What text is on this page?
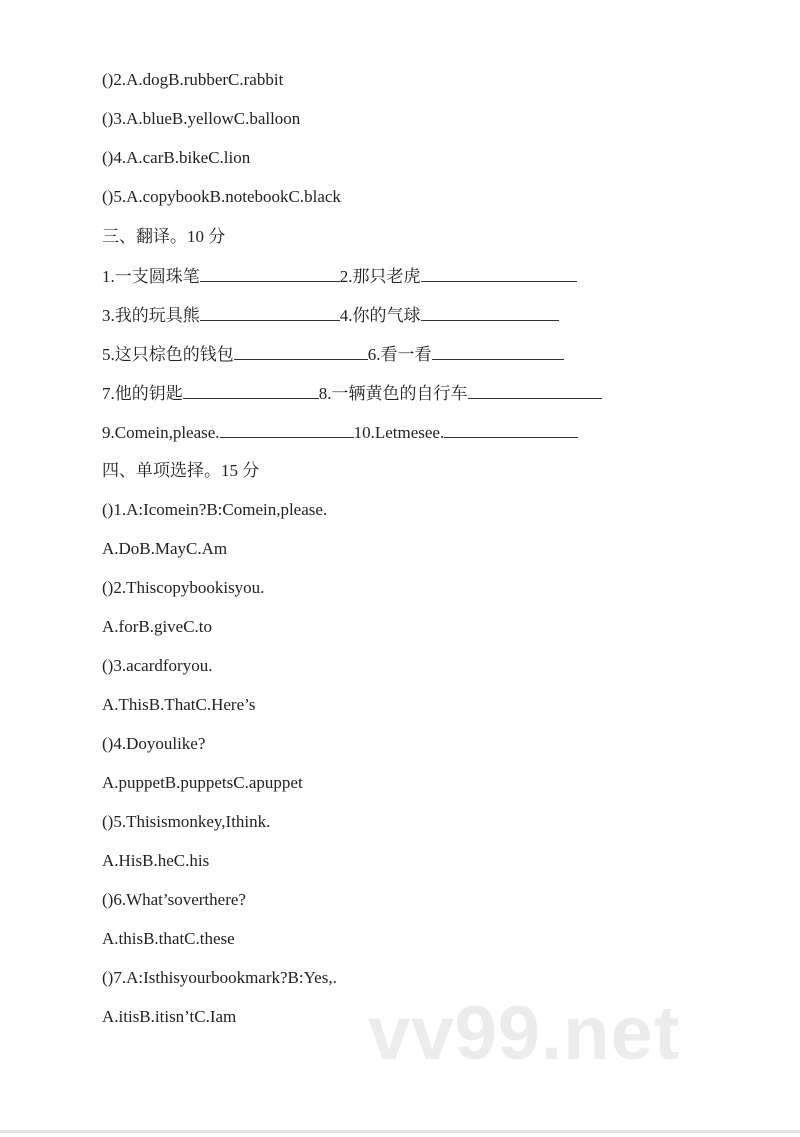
()2.A.dogB.rubberC.rabbit
()3.A.blueB.yellowC.balloon
()4.A.carB.bikeC.lion
()5.A.copybookB.notebookC.black
三、翻译。10 分
1.一支圆珠笔	2.那只老虎
3.我的玩具熊	4.你的气球
5.这只棕色的钱包	6.看一看
7.他的钥匙	8.一辆黄色的自行车
9.Comein,please.	10.Letmesee.
四、单项选择。15 分
()1.A:Icomein?B:Comein,please.
A.DoB.MayC.Am
()2.Thiscopybookisyou.
A.forB.giveC.to
()3.acardforyou.
A.ThisB.ThatC.Here’s
()4.Doyoulike?
A.puppetB.puppetsC.apuppet
()5.Thisismonkey,Ithink.
A.HisB.heC.his
()6.What’soverthere?
A.thisB.thatC.these
()7.A:Isthisyourbookmark?B:Yes,.
A.itisB.itisn’tC.Iam vv99.net
